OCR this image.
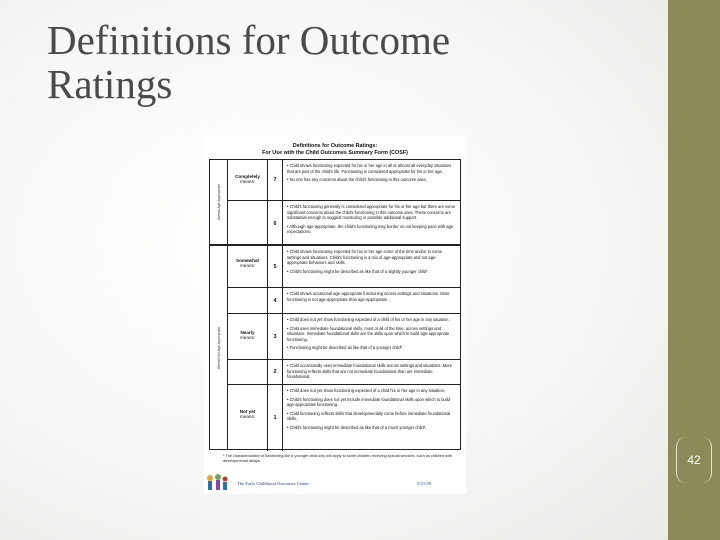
42
Definitions for Outcome
Ratings
Definitions for Outcome Ratings:
For Use with the Child Outcomes Summary Form (COSF)
Overall Age-Appropriate
Completely
means:	7

• Child shows functioning expected for his or her age in all or almost all everyday situations that are part of the child's life. Functioning is considered appropriate for his or her age.

• No one has any concerns about the child's functioning in this outcome area.

6

• Child's functioning generally is considered appropriate for his or her age but there are some significant concerns about the child's functioning in this outcome area. These concerns are substantial enough to suggest monitoring or possible additional support.

• Although age-appropriate, the child's functioning may border on not keeping pace with age expectations.

Overall Not Age-Appropriate
Somewhat
means:	5

• Child shows functioning expected for his or her age some of the time and/or in some settings and situations. Child's functioning is a mix of age-appropriate and not age-appropriate behaviors and skills.

• Child's functioning might be described as like that of a slightly younger child*.

4

• Child shows occasional age-appropriate functioning across settings and situations. More functioning is not age-appropriate than age-appropriate.

Nearly
means:	3

• Child does not yet show functioning expected of a child of his or her age in any situation.

• Child uses immediate foundational skills, most or all of the time, across settings and situations. Immediate foundational skills are the skills upon which to build age-appropriate functioning.

• Functioning might be described as like that of a younger child*.

2

• Child occasionally uses immediate foundational skills across settings and situations. More functioning reflects skills that are not immediate foundational than are immediate foundational.

Not yet
means:	1

• Child does not yet show functioning expected of a child his or her age in any situation.

• Child's functioning does not yet include immediate foundational skills upon which to build age-appropriate functioning.

• Child functioning reflects skills that developmentally come before immediate foundational skills.

• Child's functioning might be described as like that of a much younger child*.

* The characterization of functioning like a younger child only will apply to some children receiving special services, such as children with developmental delays.
The Early Childhood Outcomes Center	5/21/09
